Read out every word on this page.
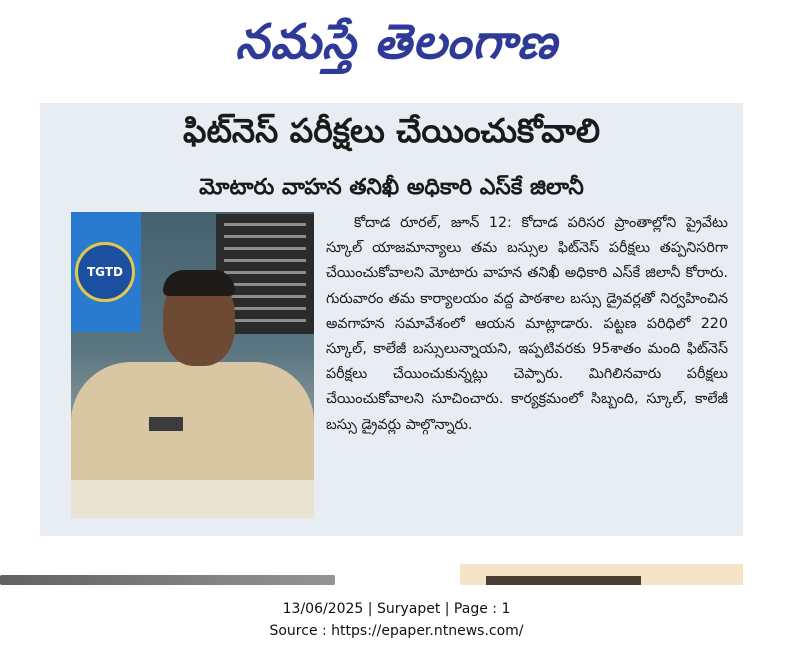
నమస్తే తెలంగాణ
ఫిట్‌నెస్ పరీక్షలు చేయించుకోవాలి
మోటారు వాహన తనిఖీ అధికారి ఎస్‌కే జిలానీ
TGTD

కోదాడ రూరల్, జూన్ 12: కోదాడ పరిసర ప్రాంతాల్లోని ప్రైవేటు స్కూల్ యాజమాన్యాలు తమ బస్సుల ఫిట్‌నెస్ పరీక్షలు తప్పనిసరిగా చేయించుకోవాలని మోటారు వాహన తనిఖీ అధికారి ఎస్‌కే జిలానీ కోరారు. గురువారం తమ కార్యాలయం వద్ద పాఠశాల బస్సు డ్రైవర్లతో నిర్వహించిన అవగాహన సమావేశంలో ఆయన మాట్లాడారు. పట్టణ పరిధిలో 220 స్కూల్, కాలేజీ బస్సులున్నాయని, ఇప్పటివరకు 95శాతం మంది ఫిట్‌నెస్ పరీక్షలు చేయించుకున్నట్లు చెప్పారు. మిగిలినవారు పరీక్షలు చేయించుకోవాలని సూచించారు. కార్యక్రమంలో సిబ్బంది, స్కూల్, కాలేజీ బస్సు డ్రైవర్లు పాల్గొన్నారు.

13/06/2025 | Suryapet | Page : 1
Source : https://epaper.ntnews.com/
